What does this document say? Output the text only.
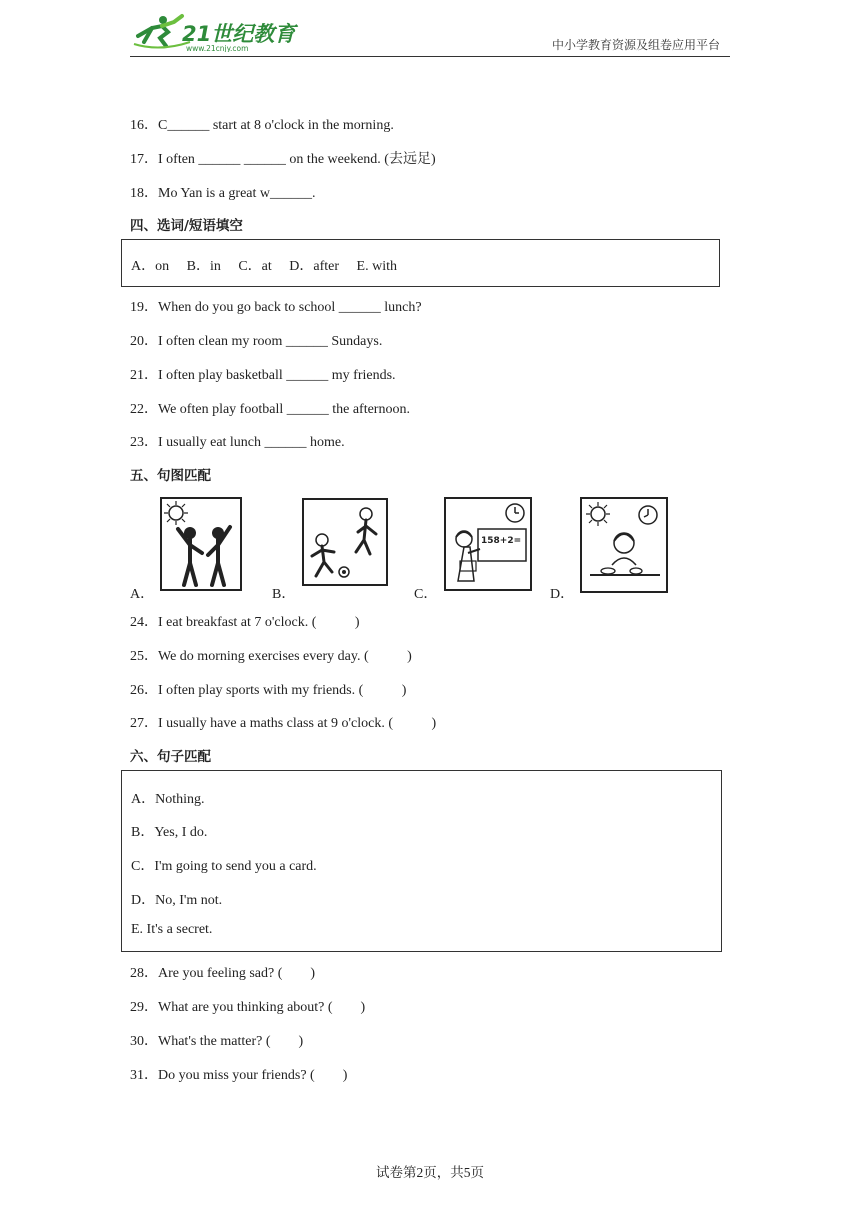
21世纪教育
www.21cnjy.com	中小学教育资源及组卷应用平台
16．C______ start at 8 o'clock in the morning.
17．I often ______ ______ on the weekend. (去远足)
18．Mo Yan is a great w______.
四、选词/短语填空
A．on     B．in     C．at     D．after     E. with
19．When do you go back to school ______ lunch?
20．I often clean my room ______ Sundays.
21．I often play basketball ______ my friends.
22．We often play football ______ the afternoon.
23．I usually eat lunch ______ home.
五、句图匹配
A．	B．
158+2=
C．	D．
24．I eat breakfast at 7 o'clock. (           )
25．We do morning exercises every day. (           )
26．I often play sports with my friends. (           )
27．I usually have a maths class at 9 o'clock. (           )
六、句子匹配
A．Nothing.
B．Yes, I do.
C．I'm going to send you a card.
D．No, I'm not.
E. It's a secret.
28．Are you feeling sad? (        )
29．What are you thinking about? (        )
30．What's the matter? (        )
31．Do you miss your friends? (        )
试卷第2页，共5页
